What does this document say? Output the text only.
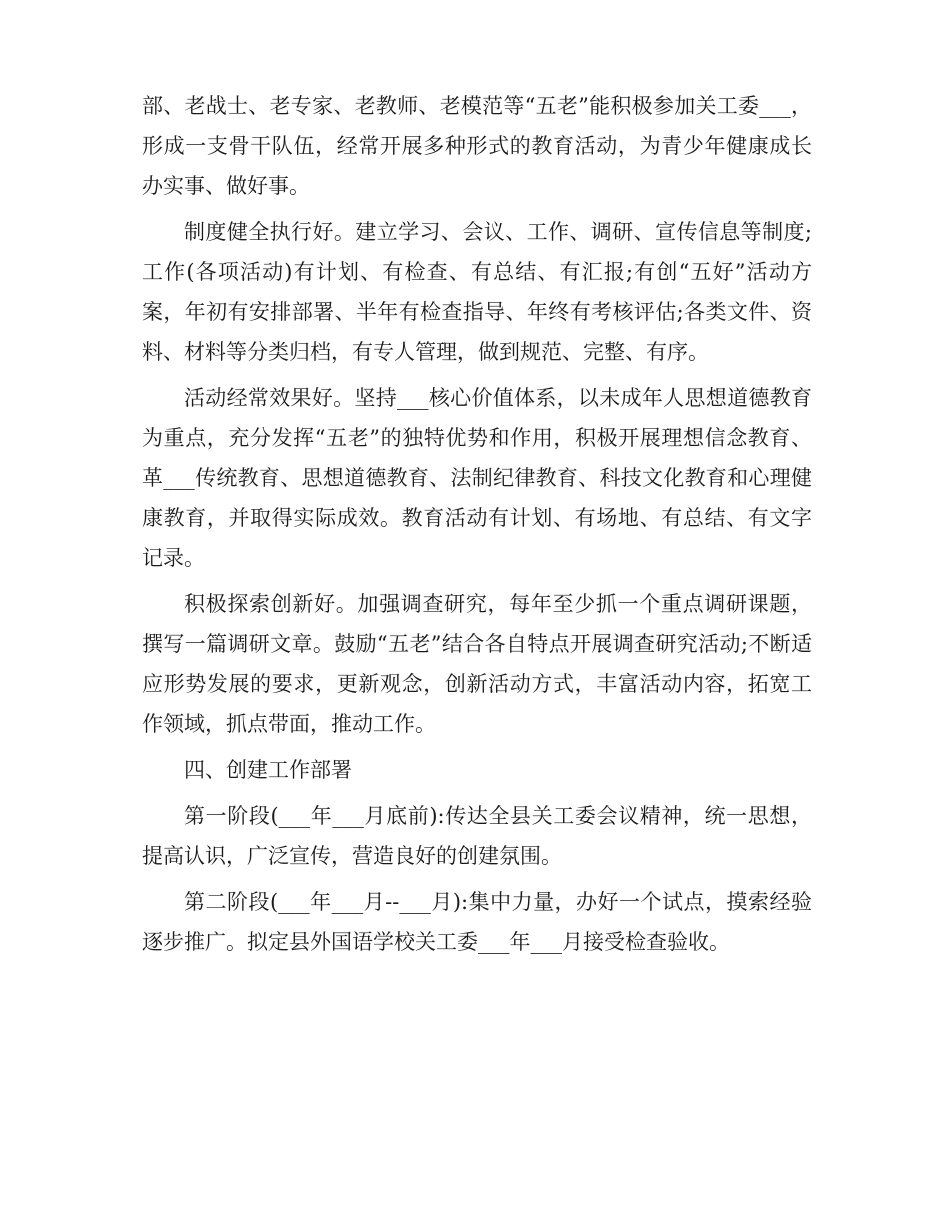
部、老战士、老专家、老教师、老模范等“五老”能积极参加关工委___，形成一支骨干队伍，经常开展多种形式的教育活动，为青少年健康成长办实事、做好事。

制度健全执行好。建立学习、会议、工作、调研、宣传信息等制度;工作(各项活动)有计划、有检查、有总结、有汇报;有创“五好”活动方案，年初有安排部署、半年有检查指导、年终有考核评估;各类文件、资料、材料等分类归档，有专人管理，做到规范、完整、有序。

活动经常效果好。坚持___核心价值体系，以未成年人思想道德教育为重点，充分发挥“五老”的独特优势和作用，积极开展理想信念教育、革___传统教育、思想道德教育、法制纪律教育、科技文化教育和心理健康教育，并取得实际成效。教育活动有计划、有场地、有总结、有文字记录。

积极探索创新好。加强调查研究，每年至少抓一个重点调研课题，撰写一篇调研文章。鼓励“五老”结合各自特点开展调查研究活动;不断适应形势发展的要求，更新观念，创新活动方式，丰富活动内容，拓宽工作领域，抓点带面，推动工作。

四、创建工作部署

第一阶段(___年___月底前):传达全县关工委会议精神，统一思想，提高认识，广泛宣传，营造良好的创建氛围。

第二阶段(___年___月--___月):集中力量，办好一个试点，摸索经验逐步推广。拟定县外国语学校关工委___年___月接受检查验收。
